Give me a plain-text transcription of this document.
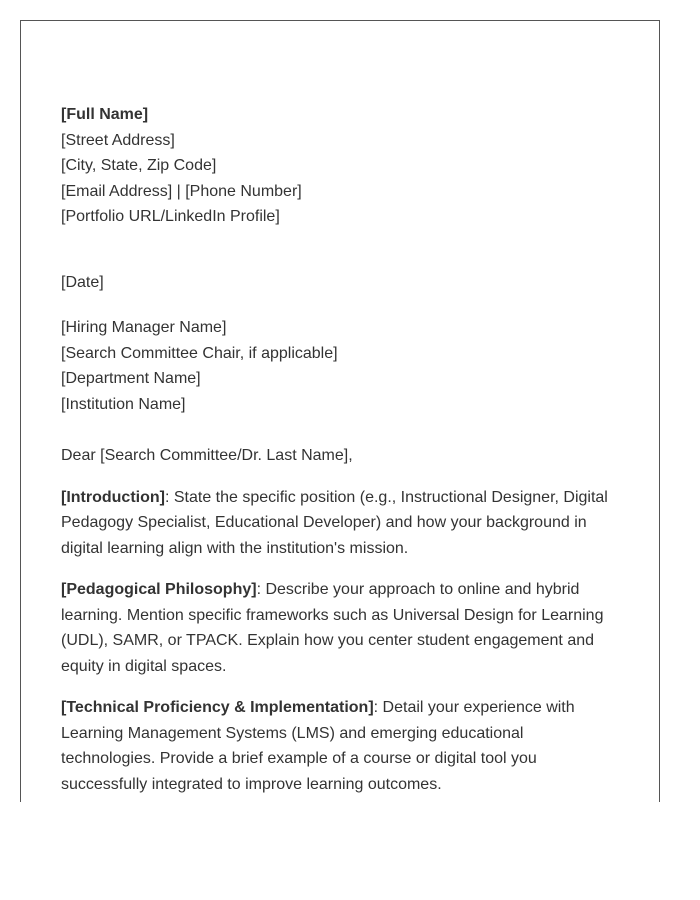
[Full Name]
[Street Address]
[City, State, Zip Code]
[Email Address] | [Phone Number]
[Portfolio URL/LinkedIn Profile]
[Date]
[Hiring Manager Name]
[Search Committee Chair, if applicable]
[Department Name]
[Institution Name]
Dear [Search Committee/Dr. Last Name],

[Introduction]: State the specific position (e.g., Instructional Designer, Digital Pedagogy Specialist, Educational Developer) and how your background in digital learning align with the institution's mission.

[Pedagogical Philosophy]: Describe your approach to online and hybrid learning. Mention specific frameworks such as Universal Design for Learning (UDL), SAMR, or TPACK. Explain how you center student engagement and equity in digital spaces.

[Technical Proficiency & Implementation]: Detail your experience with Learning Management Systems (LMS) and emerging educational technologies. Provide a brief example of a course or digital tool you successfully integrated to improve learning outcomes.
